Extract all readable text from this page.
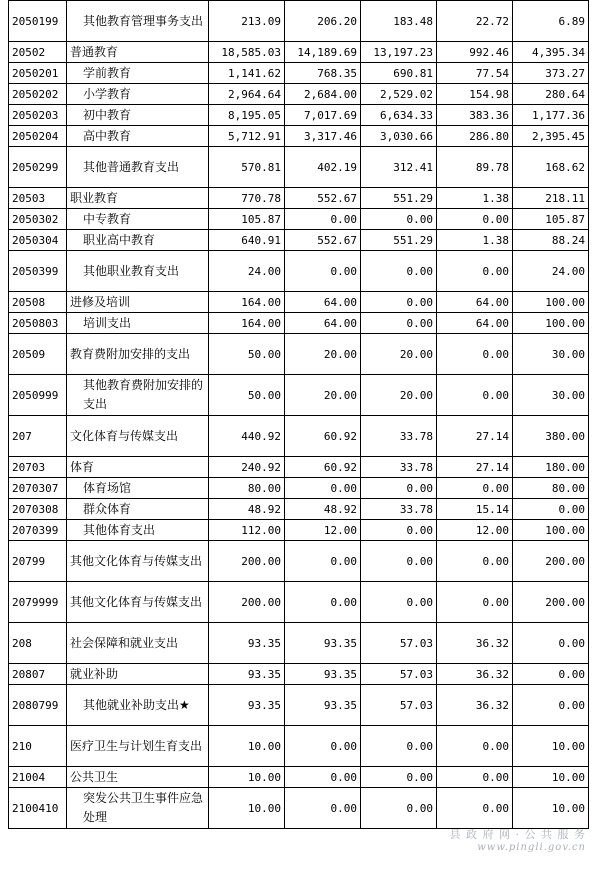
2050199	其他教育管理事务支出	213.09	206.20	183.48	22.72	6.89
20502	普通教育	18,585.03	14,189.69	13,197.23	992.46	4,395.34
2050201	学前教育	1,141.62	768.35	690.81	77.54	373.27
2050202	小学教育	2,964.64	2,684.00	2,529.02	154.98	280.64
2050203	初中教育	8,195.05	7,017.69	6,634.33	383.36	1,177.36
2050204	高中教育	5,712.91	3,317.46	3,030.66	286.80	2,395.45
2050299	其他普通教育支出	570.81	402.19	312.41	89.78	168.62
20503	职业教育	770.78	552.67	551.29	1.38	218.11
2050302	中专教育	105.87	0.00	0.00	0.00	105.87
2050304	职业高中教育	640.91	552.67	551.29	1.38	88.24
2050399	其他职业教育支出	24.00	0.00	0.00	0.00	24.00
20508	进修及培训	164.00	64.00	0.00	64.00	100.00
2050803	培训支出	164.00	64.00	0.00	64.00	100.00
20509	教育费附加安排的支出	50.00	20.00	20.00	0.00	30.00
2050999	其他教育费附加安排的支出	50.00	20.00	20.00	0.00	30.00
207	文化体育与传媒支出	440.92	60.92	33.78	27.14	380.00
20703	体育	240.92	60.92	33.78	27.14	180.00
2070307	体育场馆	80.00	0.00	0.00	0.00	80.00
2070308	群众体育	48.92	48.92	33.78	15.14	0.00
2070399	其他体育支出	112.00	12.00	0.00	12.00	100.00
20799	其他文化体育与传媒支出	200.00	0.00	0.00	0.00	200.00
2079999	其他文化体育与传媒支出	200.00	0.00	0.00	0.00	200.00
208	社会保障和就业支出	93.35	93.35	57.03	36.32	0.00
20807	就业补助	93.35	93.35	57.03	36.32	0.00
2080799	其他就业补助支出★	93.35	93.35	57.03	36.32	0.00
210	医疗卫生与计划生育支出	10.00	0.00	0.00	0.00	10.00
21004	公共卫生	10.00	0.00	0.00	0.00	10.00
2100410	突发公共卫生事件应急处理	10.00	0.00	0.00	0.00	10.00
县 政 府 网 · 公 共 服 务
www.pingli.gov.cn
